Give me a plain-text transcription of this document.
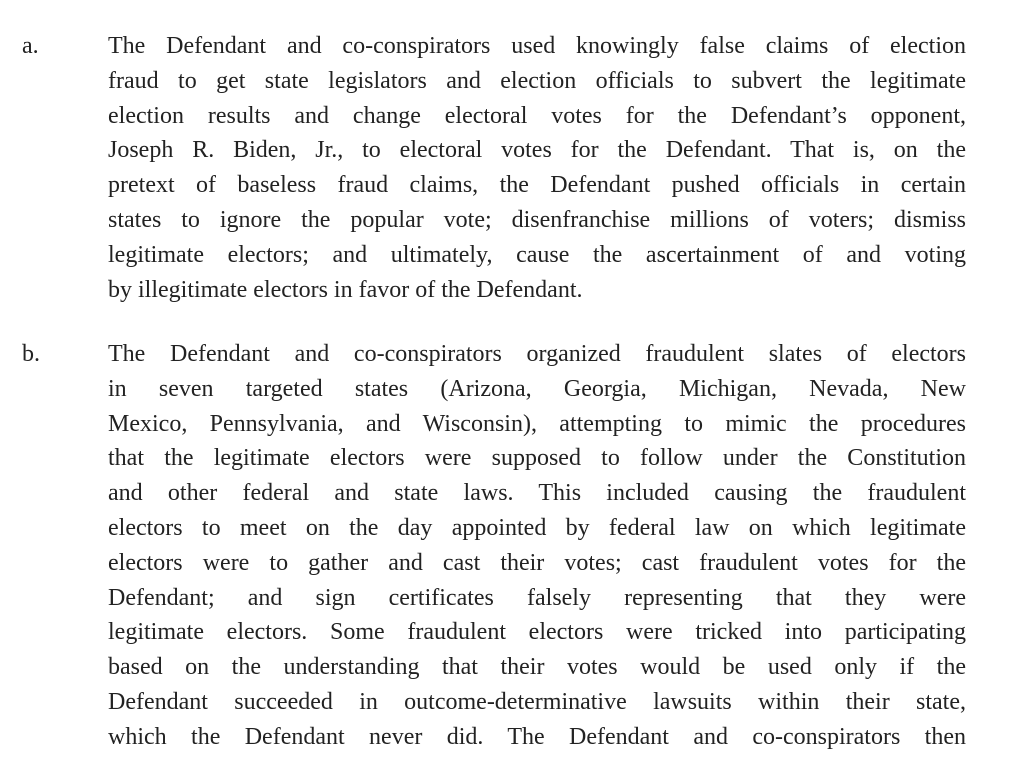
a.	The Defendant and co-conspirators used knowingly false claims of election
fraud to get state legislators and election officials to subvert the legitimate
election results and change electoral votes for the Defendant’s opponent,
Joseph R. Biden, Jr., to electoral votes for the Defendant. That is, on the
pretext of baseless fraud claims, the Defendant pushed officials in certain
states to ignore the popular vote; disenfranchise millions of voters; dismiss
legitimate electors; and ultimately, cause the ascertainment of and voting
by illegitimate electors in favor of the Defendant.
b.	The Defendant and co-conspirators organized fraudulent slates of electors
in seven targeted states (Arizona, Georgia, Michigan, Nevada, New
Mexico, Pennsylvania, and Wisconsin), attempting to mimic the procedures
that the legitimate electors were supposed to follow under the Constitution
and other federal and state laws. This included causing the fraudulent
electors to meet on the day appointed by federal law on which legitimate
electors were to gather and cast their votes; cast fraudulent votes for the
Defendant; and sign certificates falsely representing that they were
legitimate electors. Some fraudulent electors were tricked into participating
based on the understanding that their votes would be used only if the
Defendant succeeded in outcome-determinative lawsuits within their state,
which the Defendant never did. The Defendant and co-conspirators then
